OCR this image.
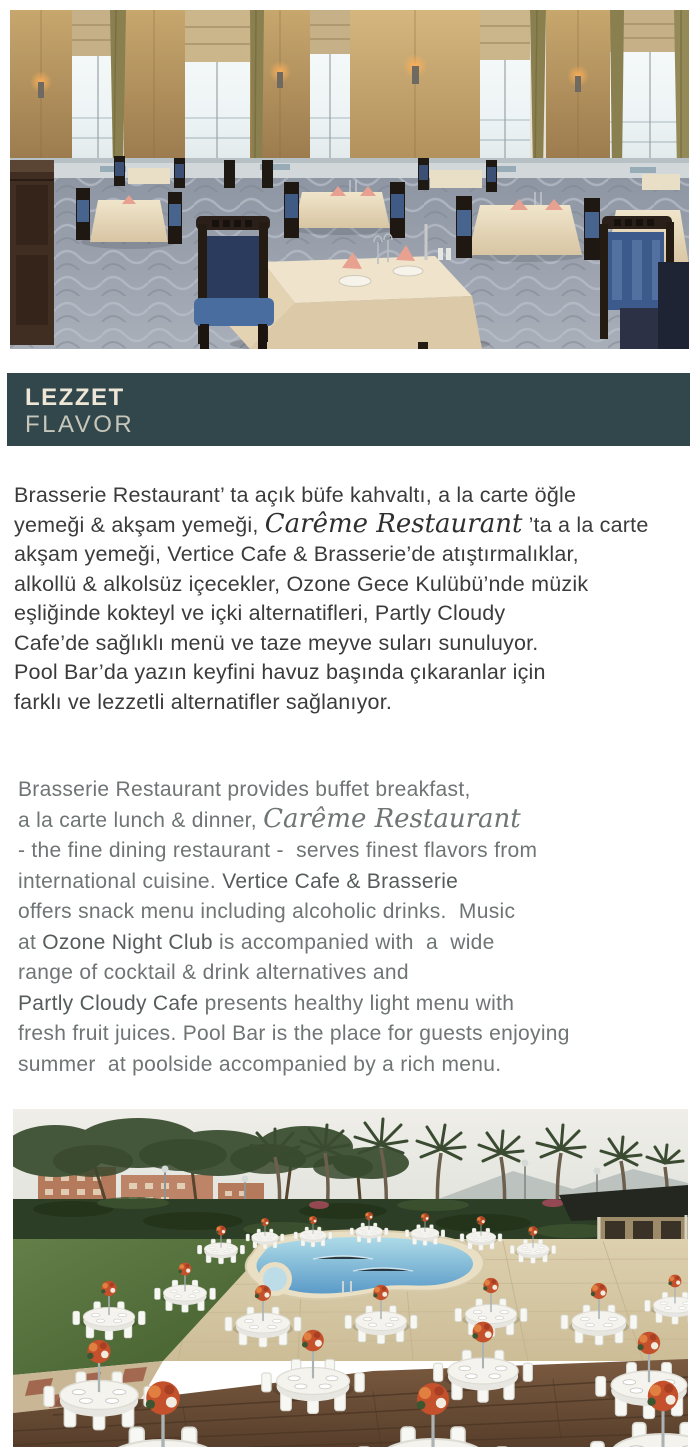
LEZZET
FLAVOR
Brasserie Restaurant’ ta açık büfe kahvaltı, a la carte öğle
yemeği & akşam yemeği, Carême Restaurant ’ta a la carte
akşam yemeği, Vertice Cafe & Brasserie’de atıştırmalıklar,
alkollü & alkolsüz içecekler, Ozone Gece Kulübü’nde müzik
eşliğinde kokteyl ve içki alternatifleri, Partly Cloudy
Cafe’de sağlıklı menü ve taze meyve suları sunuluyor.
Pool Bar’da yazın keyfini havuz başında çıkaranlar için
farklı ve lezzetli alternatifler sağlanıyor.
Brasserie Restaurant provides buffet breakfast,
a la carte lunch & dinner, Carême Restaurant
- the fine dining restaurant -  serves finest flavors from
international cuisine. Vertice Cafe & Brasserie
offers snack menu including alcoholic drinks.  Music
at Ozone Night Club is accompanied with  a  wide
range of cocktail & drink alternatives and
Partly Cloudy Cafe presents healthy light menu with
fresh fruit juices. Pool Bar is the place for guests enjoying
summer  at poolside accompanied by a rich menu.
